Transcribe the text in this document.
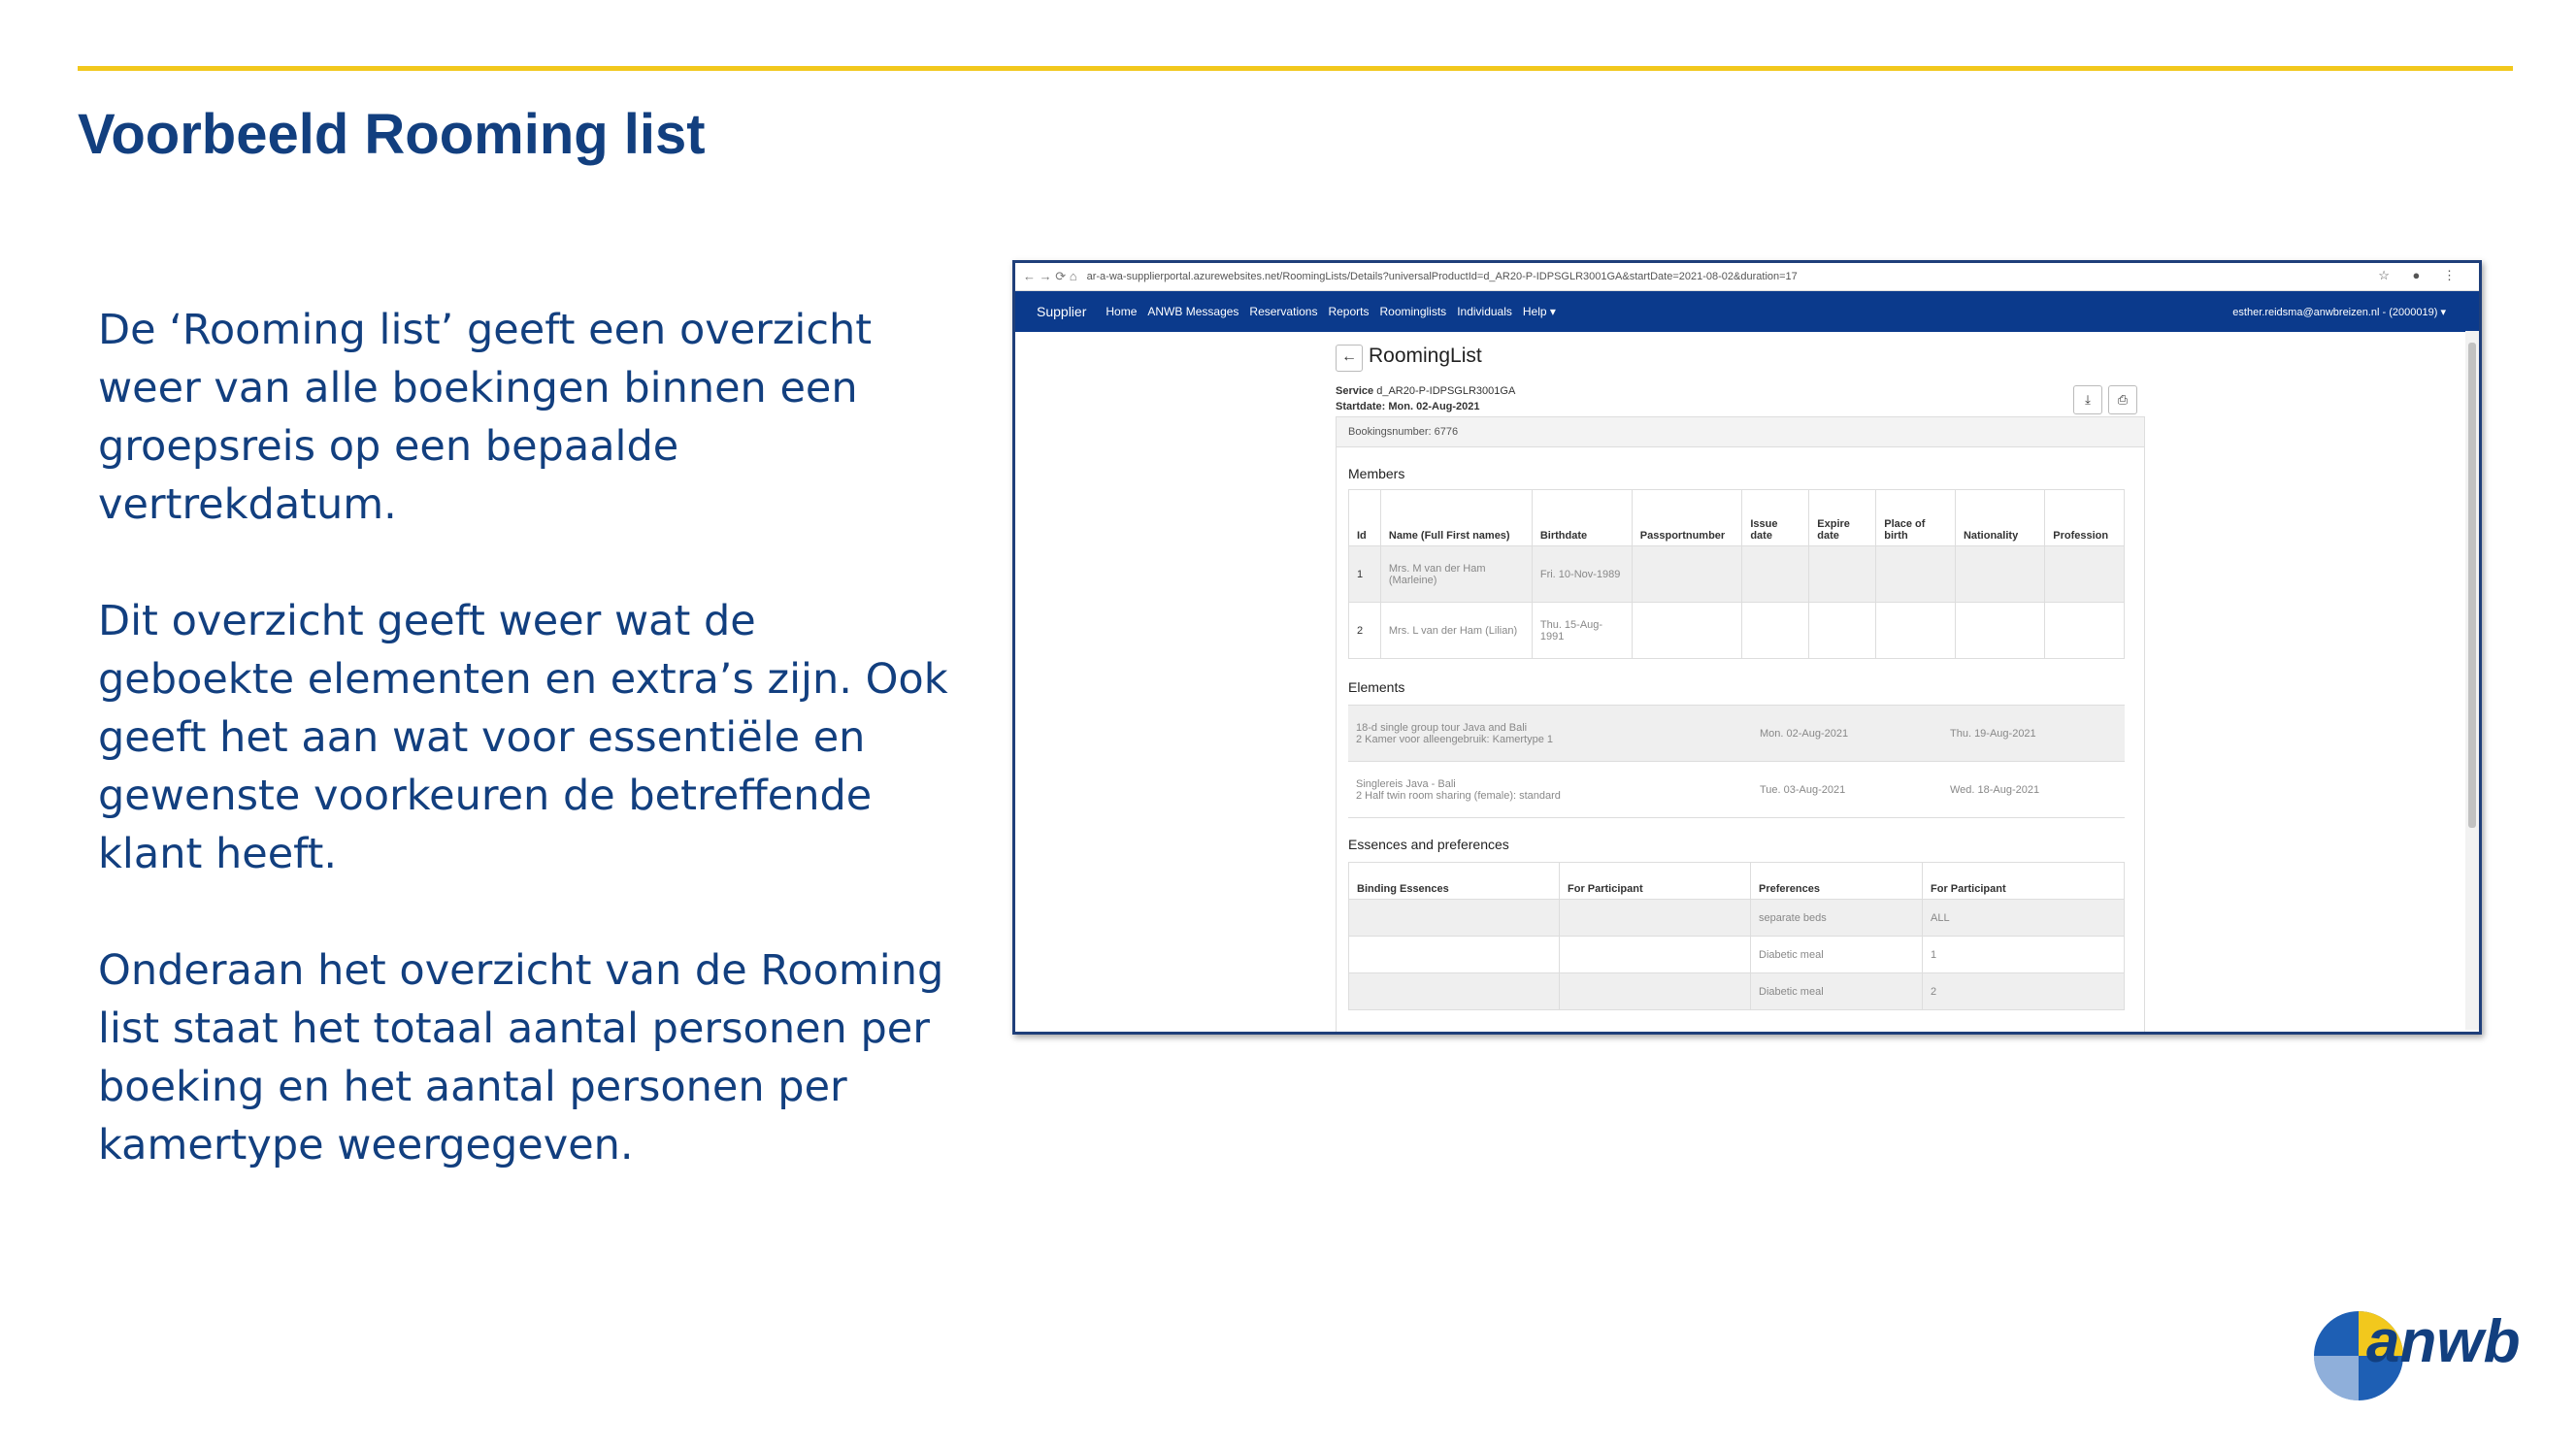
Voorbeeld Rooming list

De ‘Rooming list’ geeft een overzicht weer van alle boekingen binnen een groepsreis op een bepaalde vertrekdatum.

Dit overzicht geeft weer wat de geboekte elementen en extra’s zijn. Ook geeft het aan wat voor essentiële en gewenste voorkeuren de betreffende klant heeft.

Onderaan het overzicht van de Rooming list staat het totaal aantal personen per boeking en het aantal personen per kamertype weergegeven.

← → ⟳ ⌂ ar-a-wa-supplierportal.azurewebsites.net/RoomingLists/Details?universalProductId=d_AR20-P-IDPSGLR3001GA&startDate=2021-08-02&duration=17	☆ ● ⋮
Supplier Home ANWB Messages Reservations Reports Roominglists Individuals Help ▾	esther.reidsma@anwbreizen.nl - (2000019) ▾
← RoomingList
Service d_AR20-P-IDPSGLR3001GA
Startdate: Mon. 02-Aug-2021	⤓	⎙
Bookingsnumber: 6776
Members
Id	Name (Full First names)	Birthdate	Passportnumber	Issue date	Expire date	Place of birth	Nationality	Profession
1	Mrs. M van der Ham (Marleine)	Fri. 10-Nov-1989						
2	Mrs. L van der Ham (Lilian)	Thu. 15-Aug-1991						
Elements
18-d single group tour Java and Bali
2 Kamer voor alleengebruik: Kamertype 1	Mon. 02-Aug-2021	Thu. 19-Aug-2021

Singlereis Java - Bali
2 Half twin room sharing (female): standard	Tue. 03-Aug-2021	Wed. 18-Aug-2021
Essences and preferences
Binding Essences	For Participant	Preferences	For Participant
		separate beds	ALL
		Diabetic meal	1
		Diabetic meal	2
anwb
